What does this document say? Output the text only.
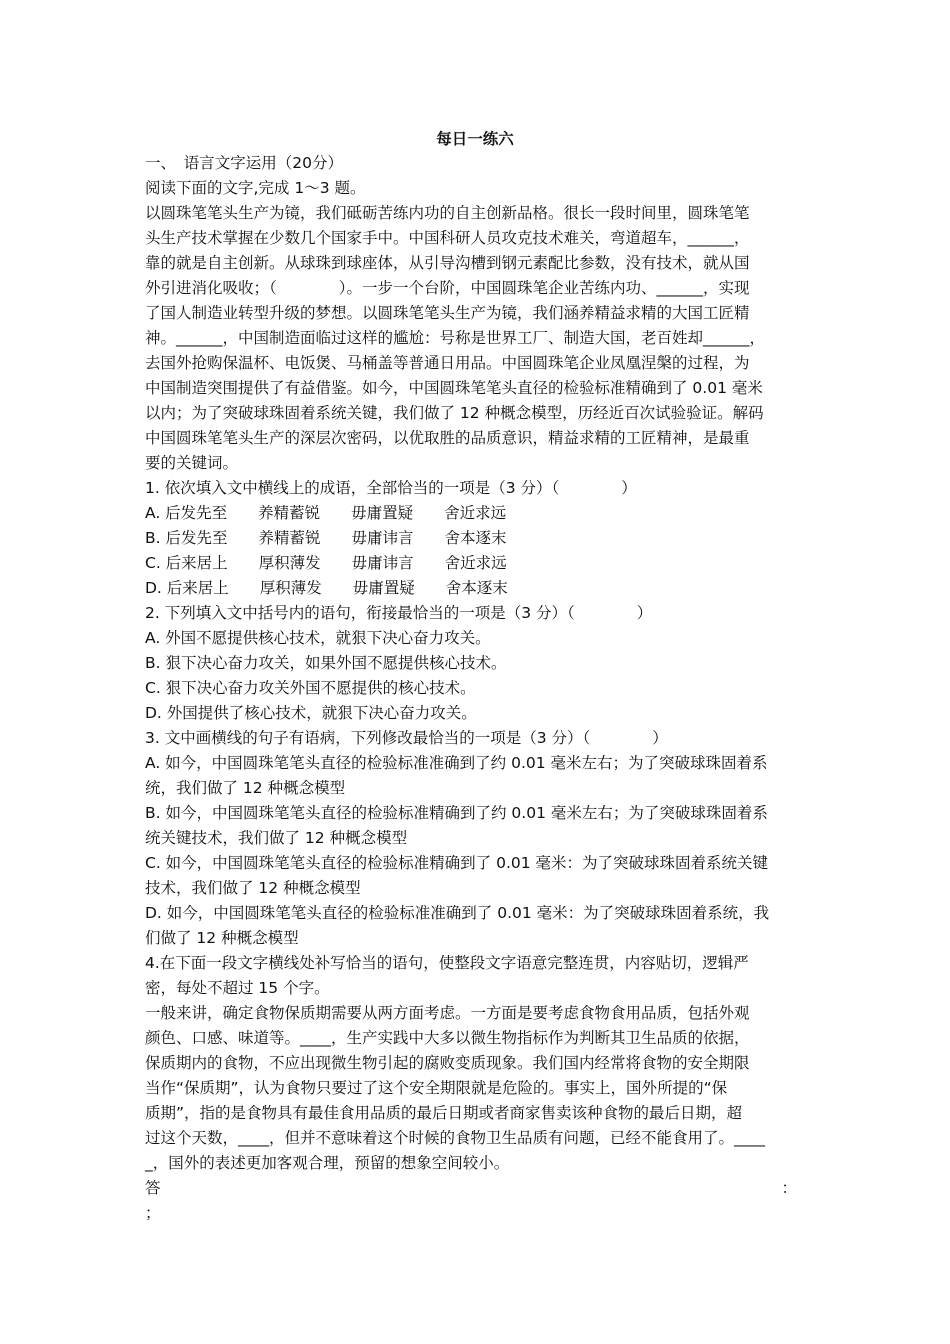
每日一练六
一、　语言文字运用（20分）
阅读下面的文字,完成 1～3 题。
以圆珠笔笔头生产为镜，我们砥砺苦练内功的自主创新品格。很长一段时间里，圆珠笔笔
头生产技术掌握在少数几个国家手中。中国科研人员攻克技术难关，弯道超车，______，
靠的就是自主创新。从球珠到球座体，从引导沟槽到钢元素配比参数，没有技术，就从国
外引进消化吸收；（　　　　）。一步一个台阶，中国圆珠笔企业苦练内功、______，实现
了国人制造业转型升级的梦想。以圆珠笔笔头生产为镜，我们涵养精益求精的大国工匠精
神。______，中国制造面临过这样的尴尬：号称是世界工厂、制造大国，老百姓却______，
去国外抢购保温杯、电饭煲、马桶盖等普通日用品。中国圆珠笔企业凤凰涅槃的过程，为
中国制造突围提供了有益借鉴。如今，中国圆珠笔笔头直径的检验标准精确到了 0.01 毫米
以内；为了突破球珠固着系统关键，我们做了 12 种概念模型，历经近百次试验验证。解码
中国圆珠笔笔头生产的深层次密码，以优取胜的品质意识，精益求精的工匠精神，是最重
要的关键词。
1. 依次填入文中横线上的成语，全部恰当的一项是（3 分）（　　　　）
A. 后发先至　　养精蓄锐　　毋庸置疑　　舍近求远
B. 后发先至　　养精蓄锐　　毋庸讳言　　舍本逐末
C. 后来居上　　厚积薄发　　毋庸讳言　　舍近求远
D. 后来居上　　厚积薄发　　毋庸置疑　　舍本逐末
2. 下列填入文中括号内的语句，衔接最恰当的一项是（3 分）（　　　　）
A. 外国不愿提供核心技术，就狠下决心奋力攻关。
B. 狠下决心奋力攻关，如果外国不愿提供核心技术。
C. 狠下决心奋力攻关外国不愿提供的核心技术。
D. 外国提供了核心技术，就狠下决心奋力攻关。
3. 文中画横线的句子有语病，下列修改最恰当的一项是（3 分）（　　　　）
A. 如今，中国圆珠笔笔头直径的检验标准准确到了约 0.01 毫米左右；为了突破球珠固着系
统，我们做了 12 种概念模型
B. 如今，中国圆珠笔笔头直径的检验标准精确到了约 0.01 毫米左右；为了突破球珠固着系
统关键技术，我们做了 12 种概念模型
C. 如今，中国圆珠笔笔头直径的检验标准精确到了 0.01 毫米：为了突破球珠固着系统关键
技术，我们做了 12 种概念模型
D. 如今，中国圆珠笔笔头直径的检验标准准确到了 0.01 毫米：为了突破球珠固着系统，我
们做了 12 种概念模型
4.在下面一段文字横线处补写恰当的语句，使整段文字语意完整连贯，内容贴切，逻辑严
密，每处不超过 15 个字。
一般来讲，确定食物保质期需要从两方面考虑。一方面是要考虑食物食用品质，包括外观
颜色、口感、味道等。____，生产实践中大多以微生物指标作为判断其卫生品质的依据，
保质期内的食物，不应出现微生物引起的腐败变质现象。我们国内经常将食物的安全期限
当作“保质期”，认为食物只要过了这个安全期限就是危险的。事实上，国外所提的“保
质期”，指的是食物具有最佳食用品质的最后日期或者商家售卖该种食物的最后日期，超
过这个天数，____，但并不意味着这个时候的食物卫生品质有问题，已经不能食用了。____
_，国外的表述更加客观合理，预留的想象空间较小。
答	：
；
